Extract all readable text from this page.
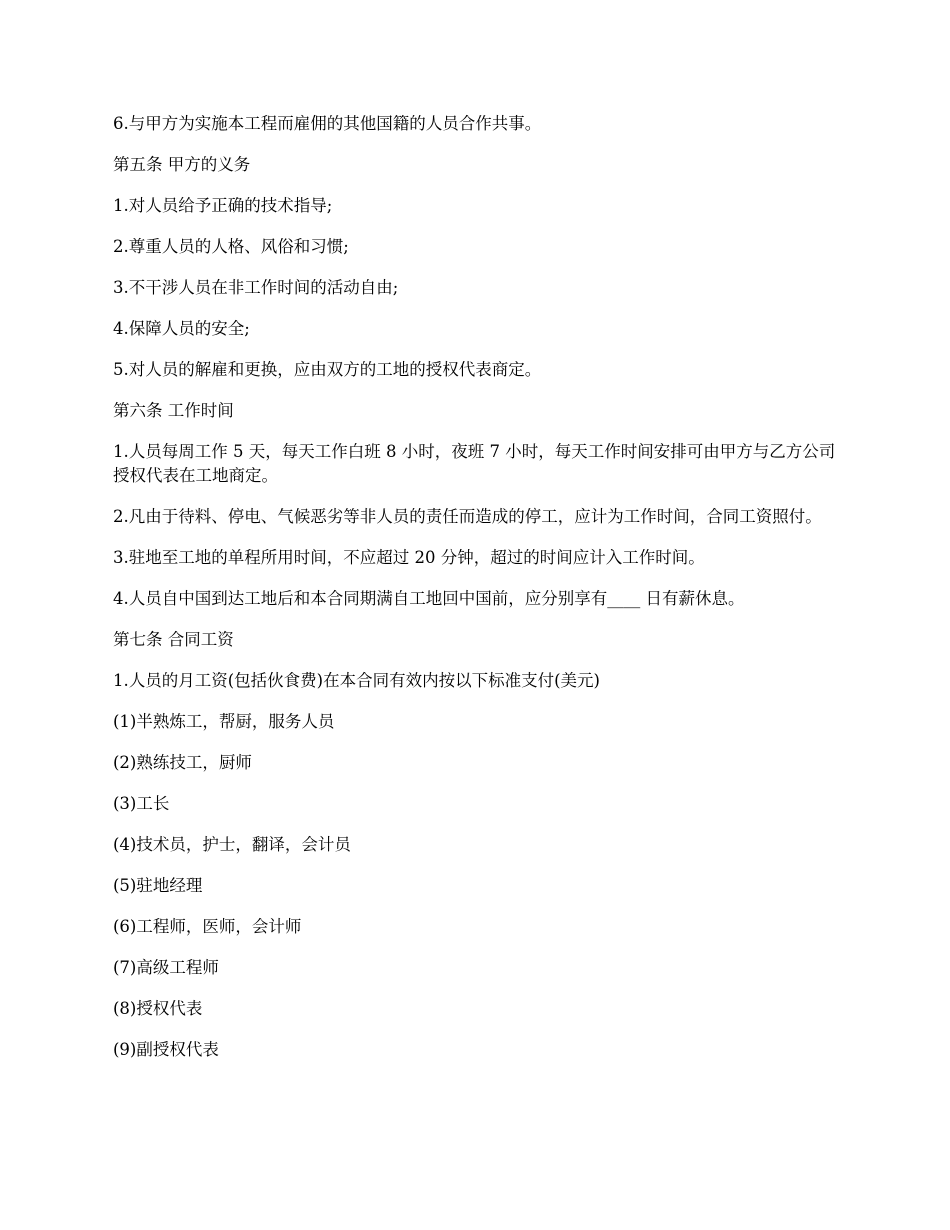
6.与甲方为实施本工程而雇佣的其他国籍的人员合作共事。

第五条 甲方的义务

1.对人员给予正确的技术指导;

2.尊重人员的人格、风俗和习惯;

3.不干涉人员在非工作时间的活动自由;

4.保障人员的安全;

5.对人员的解雇和更换，应由双方的工地的授权代表商定。

第六条 工作时间

1.人员每周工作 5 天，每天工作白班 8 小时，夜班 7 小时，每天工作时间安排可由甲方与乙方公司授权代表在工地商定。

2.凡由于待料、停电、气候恶劣等非人员的责任而造成的停工，应计为工作时间，合同工资照付。

3.驻地至工地的单程所用时间，不应超过 20 分钟，超过的时间应计入工作时间。

4.人员自中国到达工地后和本合同期满自工地回中国前，应分别享有____ 日有薪休息。

第七条 合同工资

1.人员的月工资(包括伙食费)在本合同有效内按以下标准支付(美元)

(1)半熟炼工，帮厨，服务人员

(2)熟练技工，厨师

(3)工长

(4)技术员，护士，翻译，会计员

(5)驻地经理

(6)工程师，医师，会计师

(7)高级工程师

(8)授权代表

(9)副授权代表
